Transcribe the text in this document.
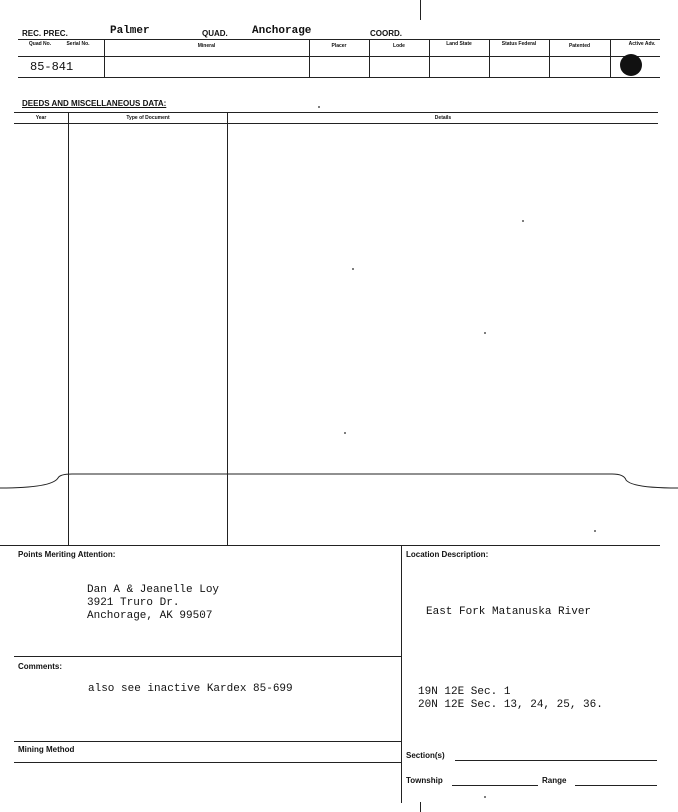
REC. PREC.	Palmer	QUAD. Anchorage	COORD.
Quad No.	Serial No.	Mineral	Placer	Lode	Land State	Status Federal	Patented	Active Adv.
85-841
DEEDS AND MISCELLANEOUS DATA:
Year	Type of Document	Details
Points Meriting Attention:
Dan A & Jeanelle Loy
3921 Truro Dr.
Anchorage, AK 99507
Location Description:
East Fork Matanuska River
Comments:
also see inactive Kardex 85-699	19N 12E Sec. 1
20N 12E Sec. 13, 24, 25, 36.
Mining Method
Section(s)
Township	Range
